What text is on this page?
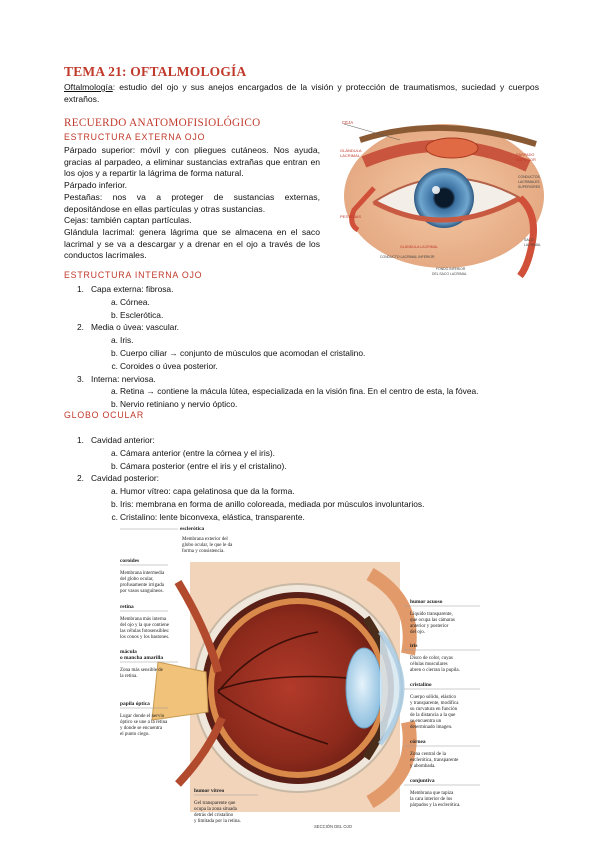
TEMA 21: OFTALMOLOGÍA
Oftalmología: estudio del ojo y sus anejos encargados de la visión y protección de traumatismos, suciedad y cuerpos extraños.
RECUERDO ANATOMOFISIOLÓGICO
ESTRUCTURA EXTERNA OJO

Párpado superior: móvil y con pliegues cutáneos. Nos ayuda, gracias al parpadeo, a eliminar sustancias extrañas que entran en los ojos y a repartir la lágrima de forma natural.

Párpado inferior.

Pestañas: nos va a proteger de sustancias externas, depositándose en ellas partículas y otras sustancias.

Cejas: también captan partículas.

Glándula lacrimal: genera lágrima que se almacena en el saco lacrimal y se va a descargar y a drenar en el ojo a través de los conductos lacrimales.

CEJA
GLÁNDULA
LACRIMAL
PESTAÑAS
PÁRPADO
SUPERIOR
CONDUCTOS
LACRIMALES
SUPERIORES
SACO
LACRIMAL
GLÁNDULA LACRIMAL
CONDUCTO LACRIMAL INFERIOR
FONDO INFERIOR
DEL SACO LACRIMAL
ESTRUCTURA INTERNA OJO
1. Capa externa: fibrosa.
a. Córnea.
b. Esclerótica.
2. Media o úvea: vascular.
a. Iris.
b. Cuerpo ciliar → conjunto de músculos que acomodan el cristalino.
c. Coroides o úvea posterior.
3. Interna: nerviosa.
a. Retina → contiene la mácula lútea, especializada en la visión fina. En el centro de esta, la fóvea.
b. Nervio retiniano y nervio óptico.
GLOBO OCULAR
1. Cavidad anterior:
a. Cámara anterior (entre la córnea y el iris).
b. Cámara posterior (entre el iris y el cristalino).
2. Cavidad posterior:
a. Humor vítreo: capa gelatinosa que da la forma.
b. Iris: membrana en forma de anillo coloreada, mediada por músculos involuntarios.
c. Cristalino: lente biconvexa, elástica, transparente.
esclerótica
Membrana exterior del
globo ocular, le que le da
forma y consistencia.
coroides
Membrana intermedia
del globo ocular,
profusamente irrigada
por vasos sanguíneos.
retina
Membrana más interna
del ojo y la que contiene
las células fotosensibles:
los conos y los bastones.
mácula
o mancha amarilla
Zona más sensible de
la retina.
papila óptica
Lugar donde el nervio
óptico se une a la retina
y donde se encuentra
el punto ciego.
humor vítreo
Gel transparente que
ocupa la zona situada
detrás del cristalino
y limitada por la retina.
SECCIÓN DEL OJO
humor acuoso
Líquido transparente,
que ocupa las cámaras
anterior y posterior
del ojo.
iris
Disco de color, cuyas
células musculares
abren o cierran la pupila.
cristalino
Cuerpo sólido, elástico
y transparente, modifica
su curvatura en función
de la distancia a la que
se encuentra un
determinado imagen.
córnea
Zona central de la
esclerótica, transparente
y abombada.
conjuntiva
Membrana que tapiza
la cara interior de los
párpados y la esclerótica.
